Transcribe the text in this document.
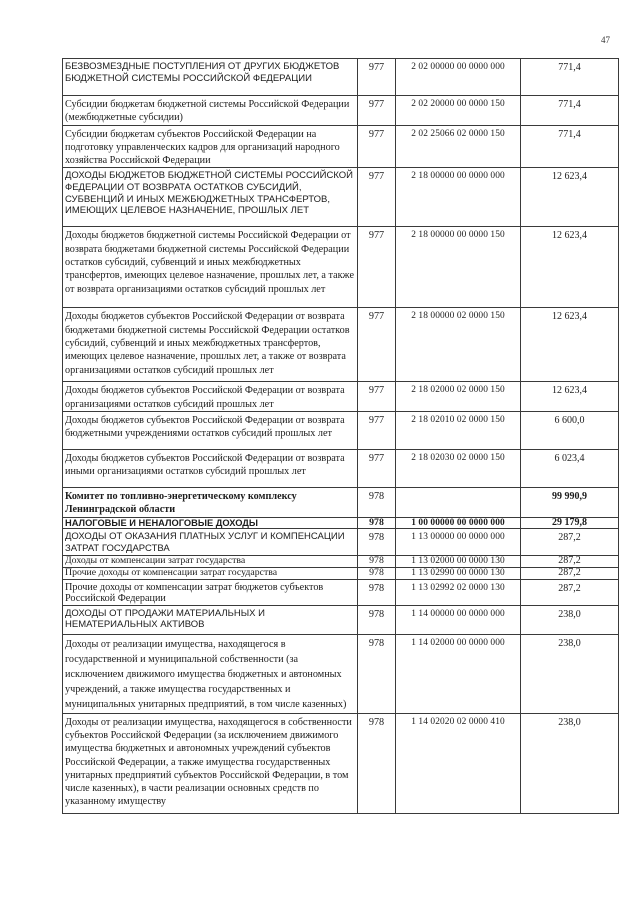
47
БЕЗВОЗМЕЗДНЫЕ ПОСТУПЛЕНИЯ ОТ ДРУГИХ БЮДЖЕТОВ БЮДЖЕТНОЙ СИСТЕМЫ РОССИЙСКОЙ ФЕДЕРАЦИИ	977	2 02 00000 00 0000 000	771,4
Субсидии бюджетам бюджетной системы Российской Федерации (межбюджетные субсидии)	977	2 02 20000 00 0000 150	771,4
Субсидии бюджетам субъектов Российской Федерации на подготовку управленческих кадров для организаций народного хозяйства Российской Федерации	977	2 02 25066 02 0000 150	771,4
ДОХОДЫ БЮДЖЕТОВ БЮДЖЕТНОЙ СИСТЕМЫ РОССИЙСКОЙ ФЕДЕРАЦИИ ОТ ВОЗВРАТА ОСТАТКОВ СУБСИДИЙ, СУБВЕНЦИЙ И ИНЫХ МЕЖБЮДЖЕТНЫХ ТРАНСФЕРТОВ, ИМЕЮЩИХ ЦЕЛЕВОЕ НАЗНАЧЕНИЕ, ПРОШЛЫХ ЛЕТ	977	2 18 00000 00 0000 000	12 623,4
Доходы бюджетов бюджетной системы Российской Федерации от возврата бюджетами бюджетной системы Российской Федерации остатков субсидий, субвенций и иных межбюджетных трансфертов, имеющих целевое назначение, прошлых лет, а также от возврата организациями остатков субсидий прошлых лет	977	2 18 00000 00 0000 150	12 623,4
Доходы бюджетов субъектов Российской Федерации от возврата бюджетами бюджетной системы Российской Федерации остатков субсидий, субвенций и иных межбюджетных трансфертов, имеющих целевое назначение, прошлых лет, а также от возврата организациями остатков субсидий прошлых лет	977	2 18 00000 02 0000 150	12 623,4
Доходы бюджетов субъектов Российской Федерации от возврата организациями остатков субсидий прошлых лет	977	2 18 02000 02 0000 150	12 623,4
Доходы бюджетов субъектов Российской Федерации от возврата бюджетными учреждениями остатков субсидий прошлых лет	977	2 18 02010 02 0000 150	6 600,0
Доходы бюджетов субъектов Российской Федерации от возврата иными организациями остатков субсидий прошлых лет	977	2 18 02030 02 0000 150	6 023,4
Комитет по топливно-энергетическому комплексу Ленинградской области	978		99 990,9
НАЛОГОВЫЕ И НЕНАЛОГОВЫЕ ДОХОДЫ	978	1 00 00000 00 0000 000	29 179,8
ДОХОДЫ ОТ ОКАЗАНИЯ ПЛАТНЫХ УСЛУГ И КОМПЕНСАЦИИ ЗАТРАТ ГОСУДАРСТВА	978	1 13 00000 00 0000 000	287,2
Доходы от компенсации затрат государства	978	1 13 02000 00 0000 130	287,2
Прочие доходы от компенсации затрат государства	978	1 13 02990 00 0000 130	287,2
Прочие доходы от компенсации затрат бюджетов субъектов Российской Федерации	978	1 13 02992 02 0000 130	287,2
ДОХОДЫ ОТ ПРОДАЖИ МАТЕРИАЛЬНЫХ И НЕМАТЕРИАЛЬНЫХ АКТИВОВ	978	1 14 00000 00 0000 000	238,0
Доходы от реализации имущества, находящегося в государственной и муниципальной собственности (за исключением движимого имущества бюджетных и автономных учреждений, а также имущества государственных и муниципальных унитарных предприятий, в том числе казенных)	978	1 14 02000 00 0000 000	238,0
Доходы от реализации имущества, находящегося в собственности субъектов Российской Федерации (за исключением движимого имущества бюджетных и автономных учреждений субъектов Российской Федерации, а также имущества государственных унитарных предприятий субъектов Российской Федерации, в том числе казенных), в части реализации основных средств по указанному имуществу	978	1 14 02020 02 0000 410	238,0
